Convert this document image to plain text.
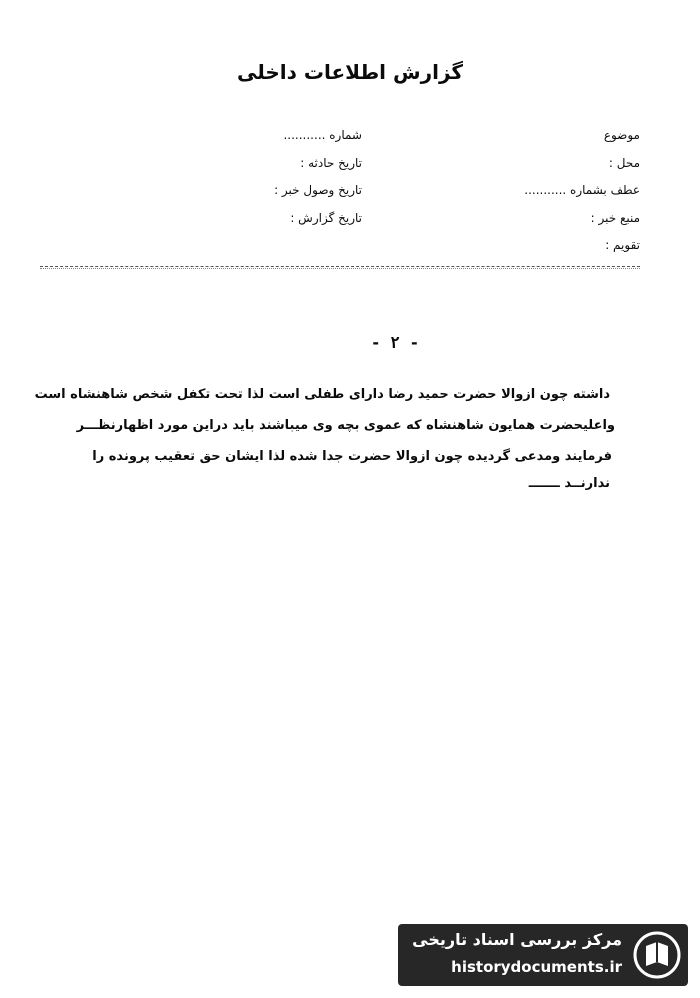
گزارش اطلاعات داخلی
موضوع
شماره ...........
محل :
تاریخ حادثه :
عطف بشماره ...........
تاریخ وصول خبر :
منبع خبر :
تاریخ گزارش :
تقویم :
- ۲ -
داشته چون ازوالا حضرت حمید رضا دارای طفلی است لذا تحت تکفل شخص شاهنشاه است
واعلیحضرت همایون شاهنشاه که عموی بچه وی میباشند باید دراین مورد اظهارنظـــر
فرمایند ومدعی گردیده چون ازوالا حضرت جدا شده لذا ایشان حق تعقیب پرونده را
ندارنــد ـــــــ
مرکز بررسی اسناد تاریخی
historydocuments.ir
